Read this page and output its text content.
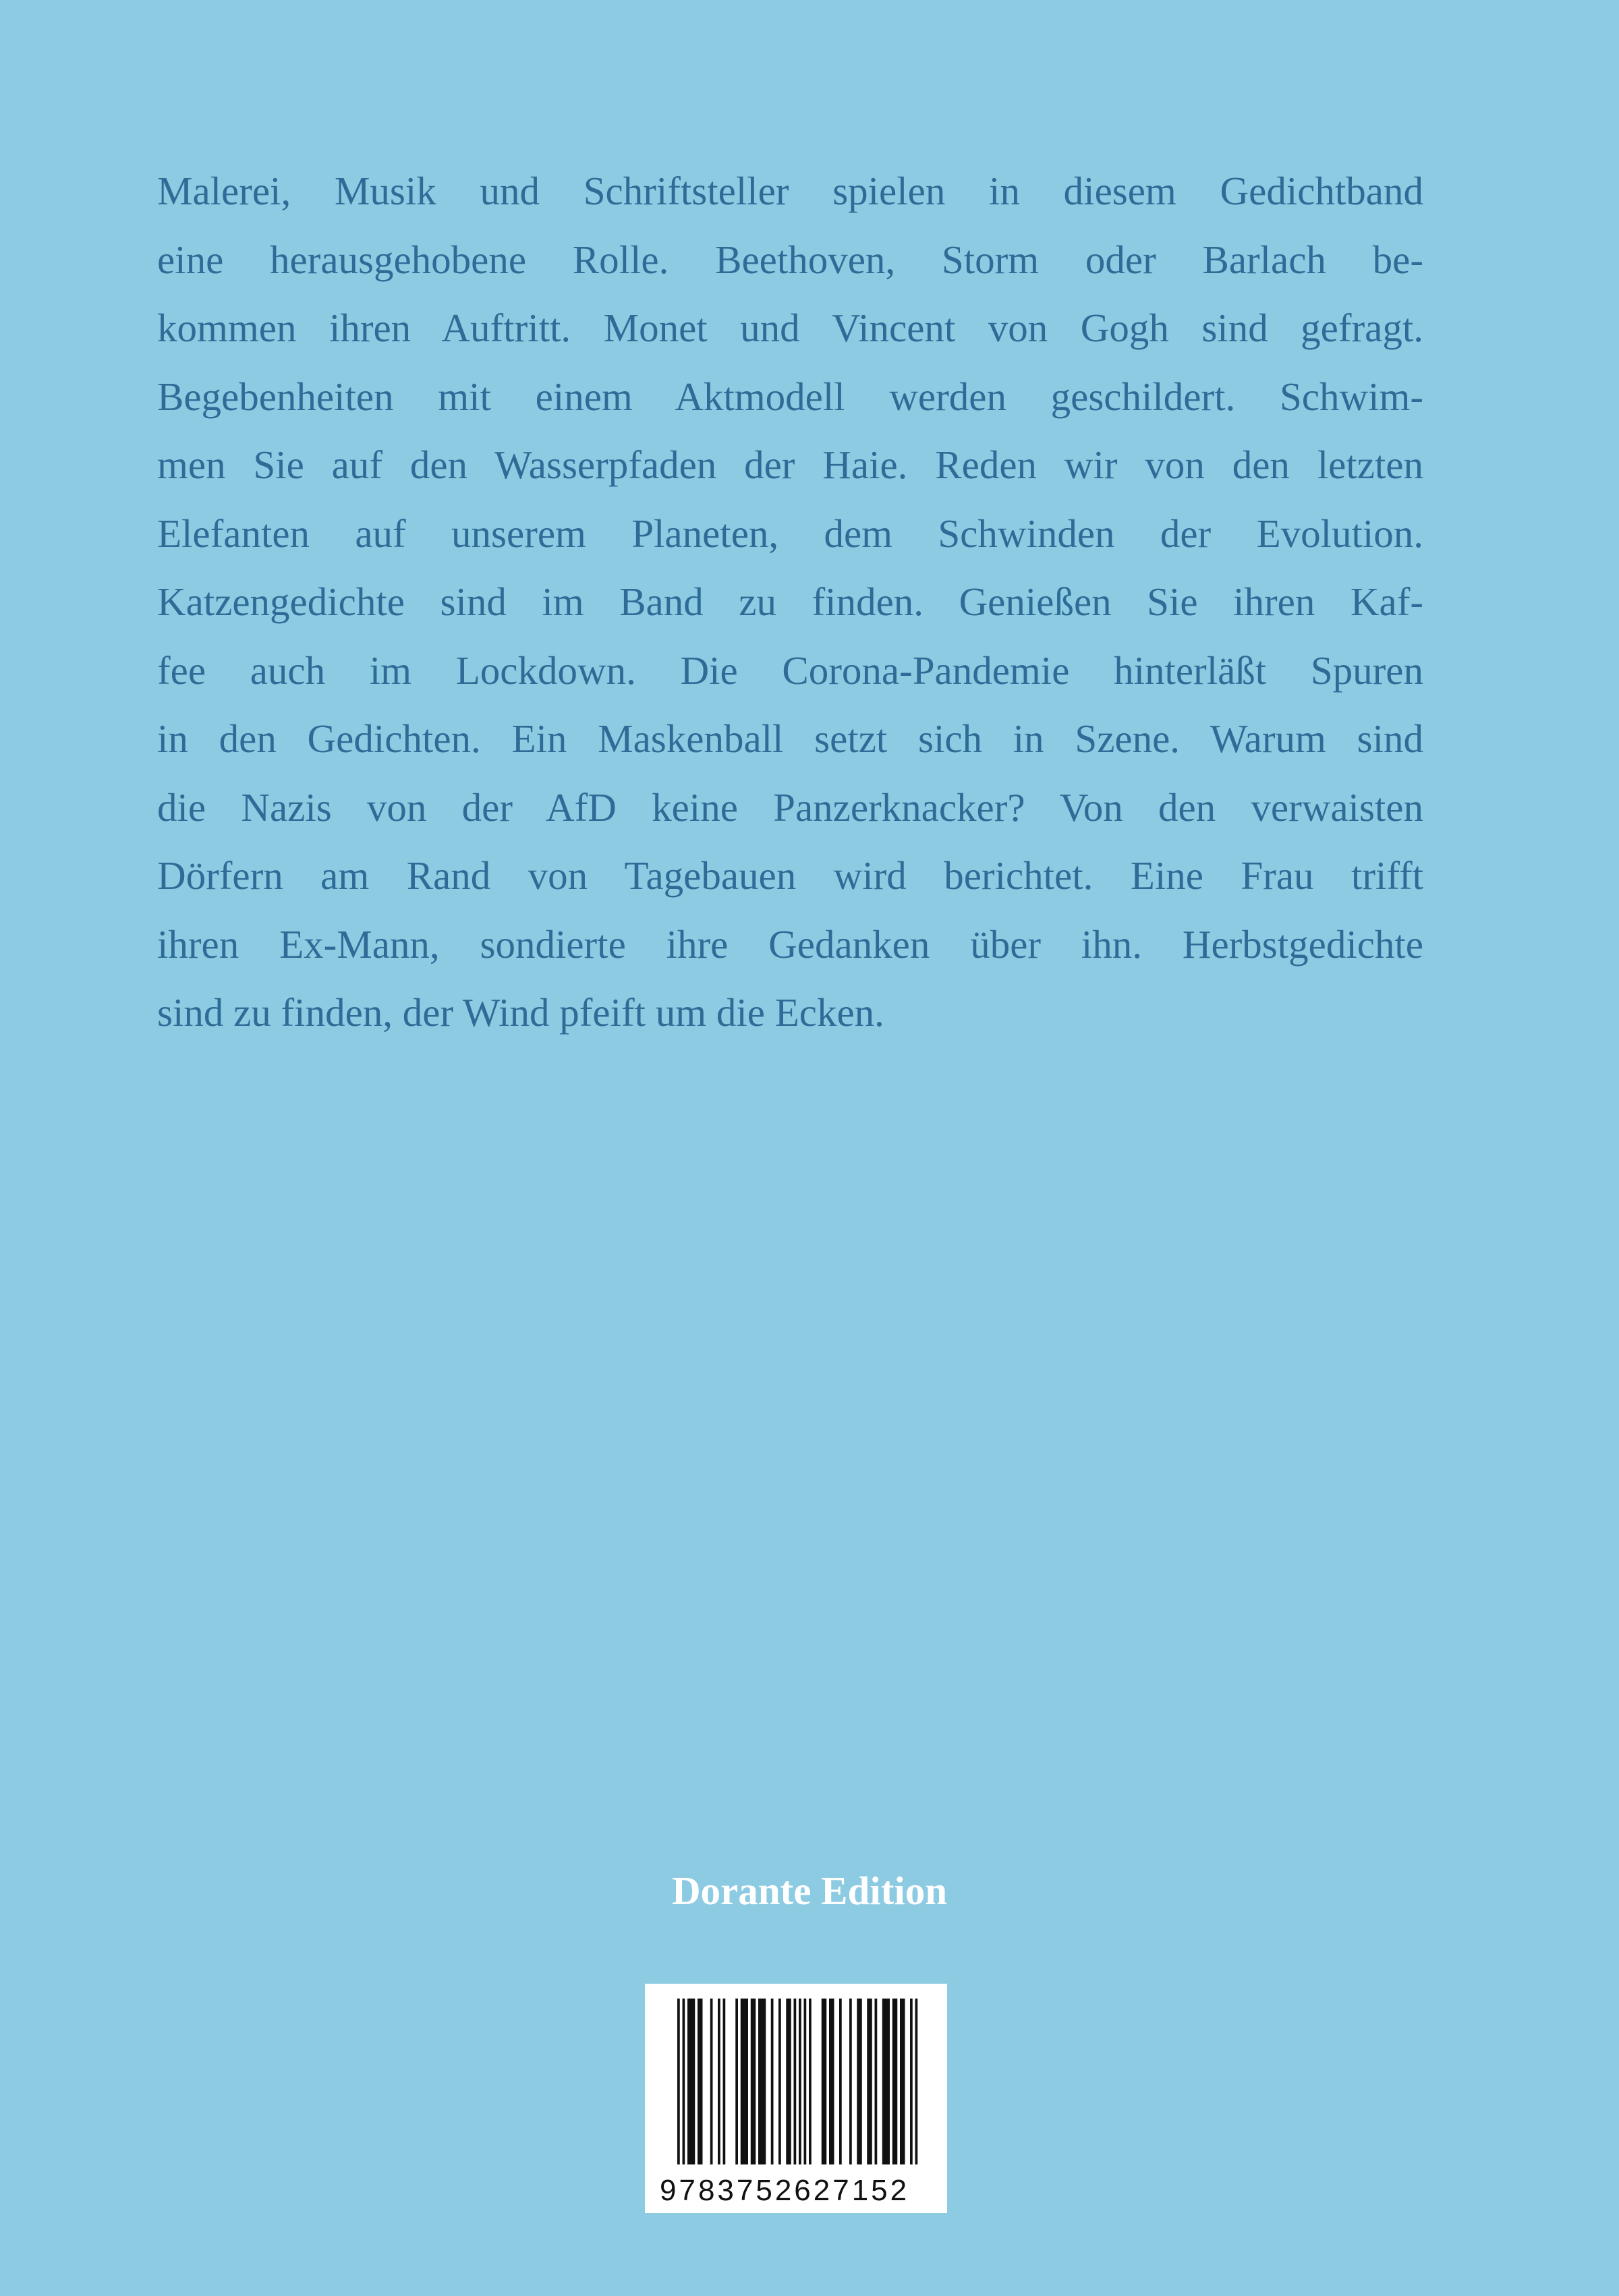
Malerei, Musik und Schriftsteller spielen in diesem Gedichtband
eine herausgehobene Rolle. Beethoven, Storm oder Barlach be-
kommen ihren Auftritt. Monet und Vincent von Gogh sind gefragt.
Begebenheiten mit einem Aktmodell werden geschildert. Schwim-
men Sie auf den Wasserpfaden der Haie. Reden wir von den letzten
Elefanten auf unserem Planeten, dem Schwinden der Evolution.
Katzengedichte sind im Band zu finden. Genießen Sie ihren Kaf-
fee auch im Lockdown. Die Corona-Pandemie hinterläßt Spuren
in den Gedichten. Ein Maskenball setzt sich in Szene. Warum sind
die Nazis von der AfD keine Panzerknacker? Von den verwaisten
Dörfern am Rand von Tagebauen wird berichtet. Eine Frau trifft
ihren Ex-Mann, sondierte ihre Gedanken über ihn. Herbstgedichte
sind zu finden, der Wind pfeift um die Ecken.
Dorante Edition
9783752627152
